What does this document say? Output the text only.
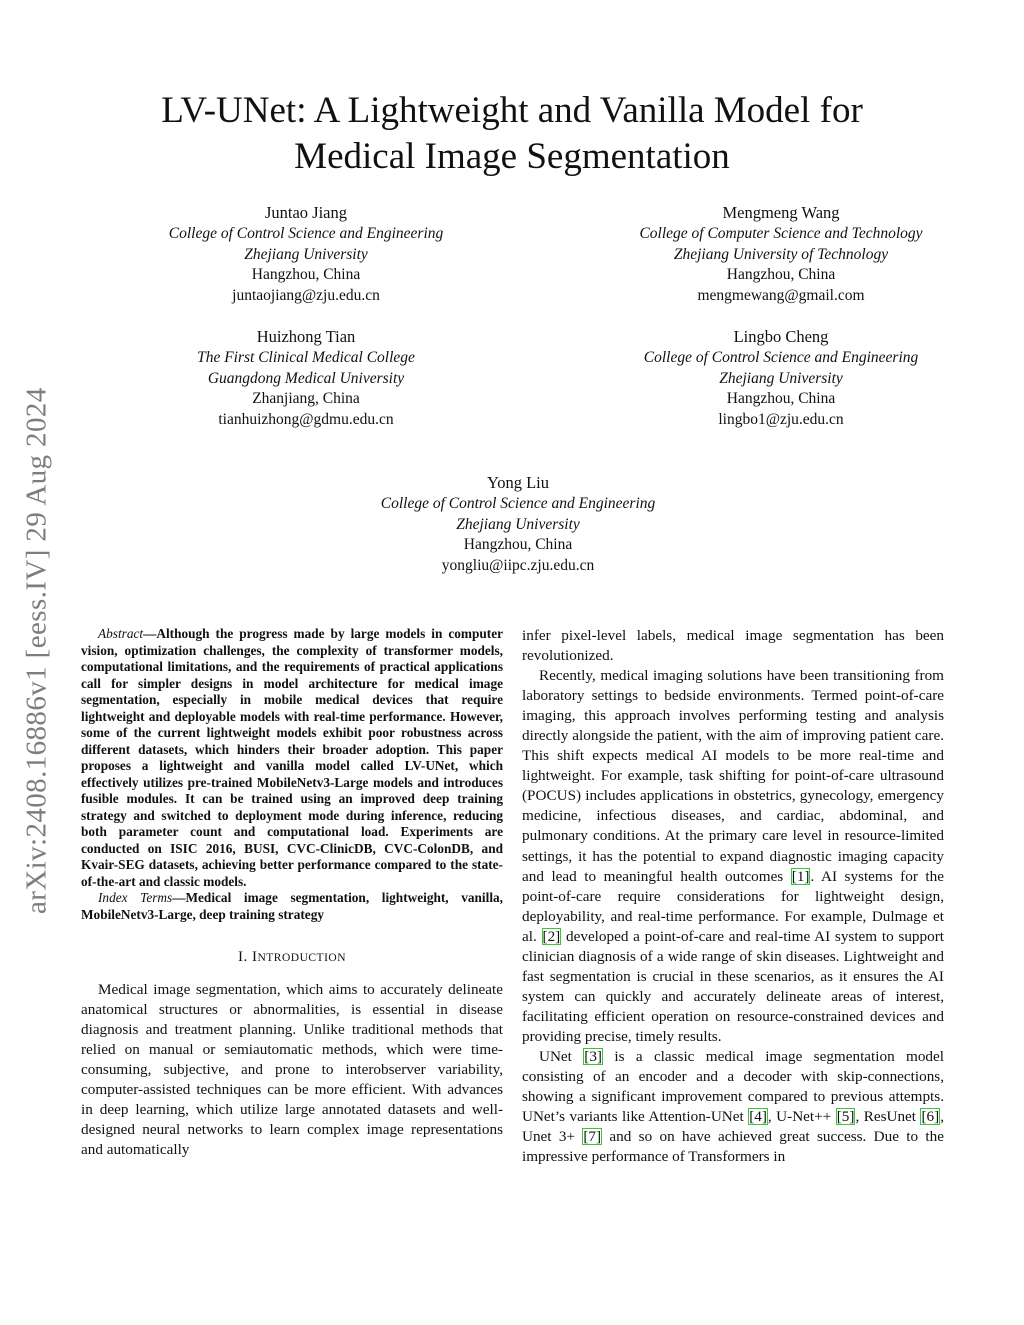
arXiv:2408.16886v1 [eess.IV] 29 Aug 2024
LV-UNet: A Lightweight and Vanilla Model for
Medical Image Segmentation
Juntao Jiang
College of Control Science and Engineering
Zhejiang University
Hangzhou, China
juntaojiang@zju.edu.cn
Mengmeng Wang
College of Computer Science and Technology
Zhejiang University of Technology
Hangzhou, China
mengmewang@gmail.com
Huizhong Tian
The First Clinical Medical College
Guangdong Medical University
Zhanjiang, China
tianhuizhong@gdmu.edu.cn
Lingbo Cheng
College of Control Science and Engineering
Zhejiang University
Hangzhou, China
lingbo1@zju.edu.cn
Yong Liu
College of Control Science and Engineering
Zhejiang University
Hangzhou, China
yongliu@iipc.zju.edu.cn

Abstract—Although the progress made by large models in computer vision, optimization challenges, the complexity of transformer models, computational limitations, and the requirements of practical applications call for simpler designs in model architecture for medical image segmentation, especially in mobile medical devices that require lightweight and deployable models with real-time performance. However, some of the current lightweight models exhibit poor robustness across different datasets, which hinders their broader adoption. This paper proposes a lightweight and vanilla model called LV-UNet, which effectively utilizes pre-trained MobileNetv3-Large models and introduces fusible modules. It can be trained using an improved deep training strategy and switched to deployment mode during inference, reducing both parameter count and computational load. Experiments are conducted on ISIC 2016, BUSI, CVC-ClinicDB, CVC-ColonDB, and Kvair-SEG datasets, achieving better performance compared to the state-of-the-art and classic models.

Index Terms—Medical image segmentation, lightweight, vanilla, MobileNetv3-Large, deep training strategy

I. INTRODUCTION

Medical image segmentation, which aims to accurately delineate anatomical structures or abnormalities, is essential in disease diagnosis and treatment planning. Unlike traditional methods that relied on manual or semiautomatic methods, which were time-consuming, subjective, and prone to interobserver variability, computer-assisted techniques can be more efficient. With advances in deep learning, which utilize large annotated datasets and well-designed neural networks to learn complex image representations and automatically

infer pixel-level labels, medical image segmentation has been revolutionized.

Recently, medical imaging solutions have been transitioning from laboratory settings to bedside environments. Termed point-of-care imaging, this approach involves performing testing and analysis directly alongside the patient, with the aim of improving patient care. This shift expects medical AI models to be more real-time and lightweight. For example, task shifting for point-of-care ultrasound (POCUS) includes applications in obstetrics, gynecology, emergency medicine, infectious diseases, and cardiac, abdominal, and pulmonary conditions. At the primary care level in resource-limited settings, it has the potential to expand diagnostic imaging capacity and lead to meaningful health outcomes [1]. AI systems for the point-of-care require considerations for lightweight design, deployability, and real-time performance. For example, Dulmage et al. [2] developed a point-of-care and real-time AI system to support clinician diagnosis of a wide range of skin diseases. Lightweight and fast segmentation is crucial in these scenarios, as it ensures the AI system can quickly and accurately delineate areas of interest, facilitating efficient operation on resource-constrained devices and providing precise, timely results.

UNet [3] is a classic medical image segmentation model consisting of an encoder and a decoder with skip-connections, showing a significant improvement compared to previous attempts. UNet’s variants like Attention-UNet [4], U-Net++ [5], ResUnet [6], Unet 3+ [7] and so on have achieved great success. Due to the impressive performance of Transformers in
